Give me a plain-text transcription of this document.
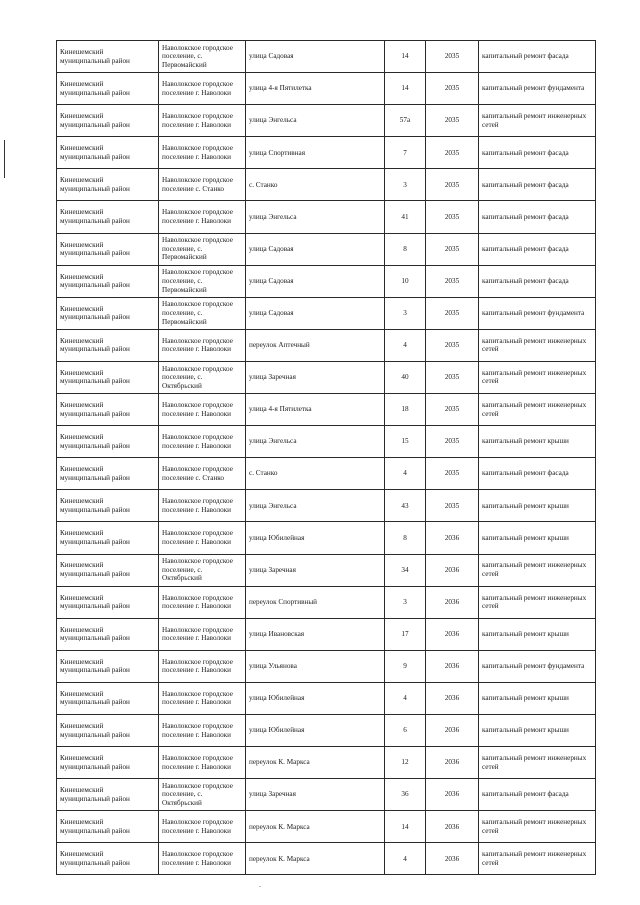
Кинешемский муниципальный район	Наволокское городское поселение, с. Первомайский	улица Садовая	14	2035	капитальный ремонт фасада
Кинешемский муниципальный район	Наволокское городское поселение г. Наволоки	улица 4-я Пятилетка	14	2035	капитальный ремонт фундамента
Кинешемский муниципальный район	Наволокское городское поселение г. Наволоки	улица Энгельса	57а	2035	капитальный ремонт инженерных сетей
Кинешемский муниципальный район	Наволокское городское поселение г. Наволоки	улица Спортивная	7	2035	капитальный ремонт фасада
Кинешемский муниципальный район	Наволокское городское поселение с. Станко	с. Станко	3	2035	капитальный ремонт фасада
Кинешемский муниципальный район	Наволокское городское поселение г. Наволоки	улица Энгельса	41	2035	капитальный ремонт фасада
Кинешемский муниципальный район	Наволокское городское поселение, с. Первомайский	улица Садовая	8	2035	капитальный ремонт фасада
Кинешемский муниципальный район	Наволокское городское поселение, с. Первомайский	улица Садовая	10	2035	капитальный ремонт фасада
Кинешемский муниципальный район	Наволокское городское поселение, с. Первомайский	улица Садовая	3	2035	капитальный ремонт фундамента
Кинешемский муниципальный район	Наволокское городское поселение г. Наволоки	переулок Аптечный	4	2035	капитальный ремонт инженерных сетей
Кинешемский муниципальный район	Наволокское городское поселение, с. Октябрьский	улица Заречная	40	2035	капитальный ремонт инженерных сетей
Кинешемский муниципальный район	Наволокское городское поселение г. Наволоки	улица 4-я Пятилетка	18	2035	капитальный ремонт инженерных сетей
Кинешемский муниципальный район	Наволокское городское поселение г. Наволоки	улица Энгельса	15	2035	капитальный ремонт крыши
Кинешемский муниципальный район	Наволокское городское поселение с. Станко	с. Станко	4	2035	капитальный ремонт фасада
Кинешемский муниципальный район	Наволокское городское поселение г. Наволоки	улица Энгельса	43	2035	капитальный ремонт крыши
Кинешемский муниципальный район	Наволокское городское поселение г. Наволоки	улица Юбилейная	8	2036	капитальный ремонт крыши
Кинешемский муниципальный район	Наволокское городское поселение, с. Октябрьский	улица Заречная	34	2036	капитальный ремонт инженерных сетей
Кинешемский муниципальный район	Наволокское городское поселение г. Наволоки	переулок Спортивный	3	2036	капитальный ремонт инженерных сетей
Кинешемский муниципальный район	Наволокское городское поселение г. Наволоки	улица Ивановская	17	2036	капитальный ремонт крыши
Кинешемский муниципальный район	Наволокское городское поселение г. Наволоки	улица Ульянова	9	2036	капитальный ремонт фундамента
Кинешемский муниципальный район	Наволокское городское поселение г. Наволоки	улица Юбилейная	4	2036	капитальный ремонт крыши
Кинешемский муниципальный район	Наволокское городское поселение г. Наволоки	улица Юбилейная	6	2036	капитальный ремонт крыши
Кинешемский муниципальный район	Наволокское городское поселение г. Наволоки	переулок К. Маркса	12	2036	капитальный ремонт инженерных сетей
Кинешемский муниципальный район	Наволокское городское поселение, с. Октябрьский	улица Заречная	36	2036	капитальный ремонт фасада
Кинешемский муниципальный район	Наволокское городское поселение г. Наволоки	переулок К. Маркса	14	2036	капитальный ремонт инженерных сетей
Кинешемский муниципальный район	Наволокское городское поселение г. Наволоки	переулок К. Маркса	4	2036	капитальный ремонт инженерных сетей
.
